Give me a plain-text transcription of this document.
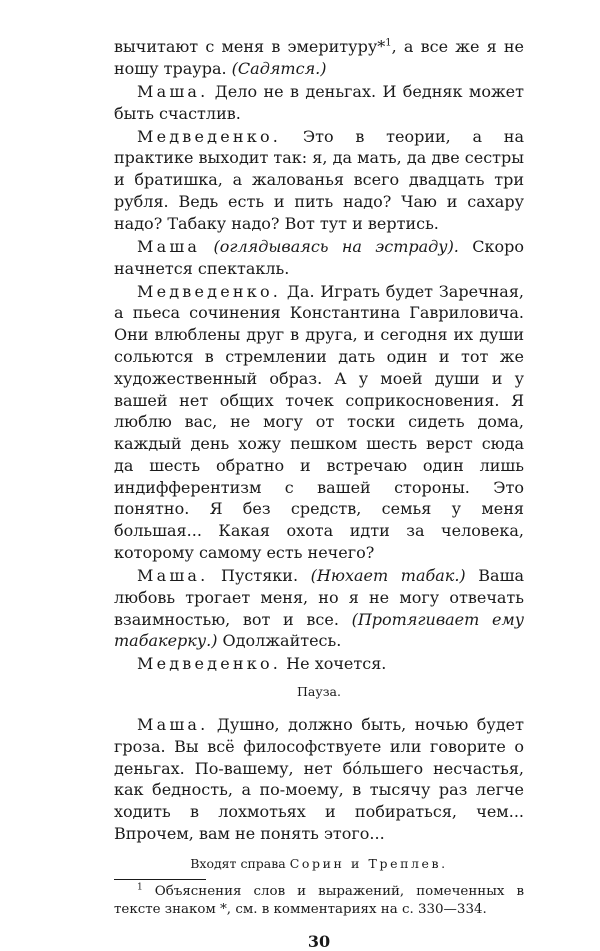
вычитают с меня в эмеритуру*$^1$, а все же я не ношу траура. (Садятся.)

Маша. Дело не в деньгах. И бедняк может быть счастлив.

Медведенко. Это в теории, а на практике выходит так: я, да мать, да две сестры и братишка, а жалованья всего двадцать три рубля. Ведь есть и пить надо? Чаю и сахару надо? Табаку надо? Вот тут и вертись.

Маша (оглядываясь на эстраду). Скоро начнется спектакль.

Медведенко. Да. Играть будет Заречная, а пьеса сочинения Константина Гавриловича. Они влюблены друг в друга, и сегодня их души сольются в стремлении дать один и тот же художественный образ. А у моей души и у вашей нет общих точек соприкосновения. Я люблю вас, не могу от тоски сидеть дома, каждый день хожу пешком шесть верст сюда да шесть обратно и встречаю один лишь индифферентизм с вашей стороны. Это понятно. Я без средств, семья у меня большая... Какая охота идти за человека, которому самому есть нечего?

Маша. Пустяки. (Нюхает табак.) Ваша любовь трогает меня, но я не могу отвечать взаимностью, вот и все. (Протягивает ему табакерку.) Одолжайтесь.

Медведенко. Не хочется.

Пауза.

Маша. Душно, должно быть, ночью будет гроза. Вы всё философствуете или говорите о деньгах. По-вашему, нет бо́льшего несчастья, как бедность, а по-моему, в тысячу раз легче ходить в лохмотьях и побираться, чем... Впрочем, вам не понять этого...

Входят справа Сорин и Треплев.

$^1$ Объяснения слов и выражений, помеченных в тексте знаком *, см. в комментариях на с. 330—334.

30
